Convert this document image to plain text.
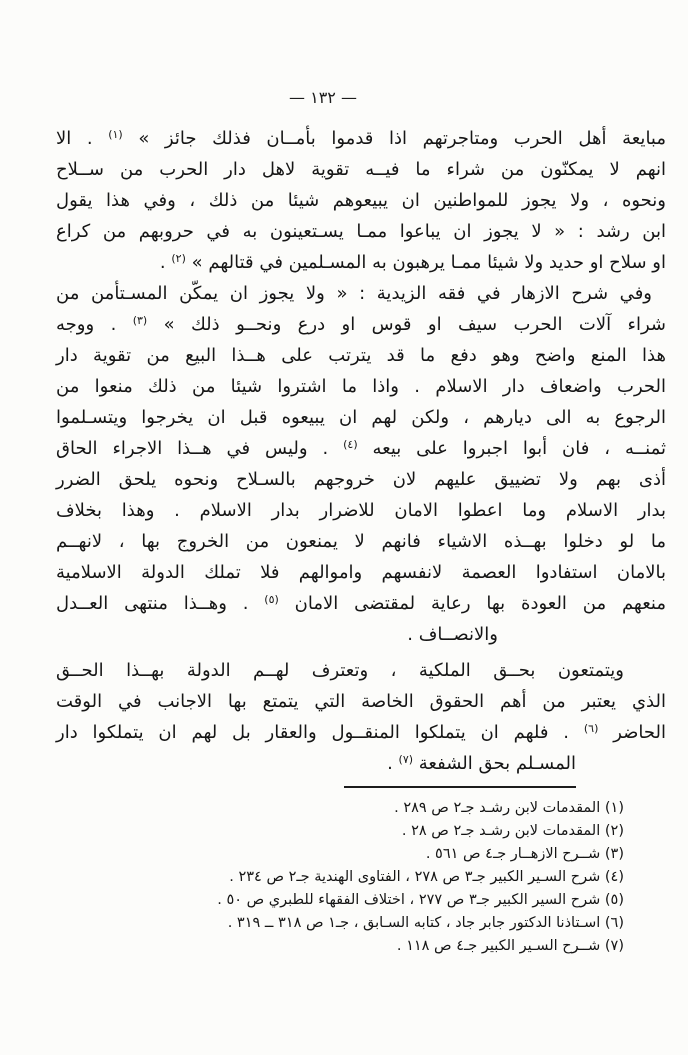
— ١٣٢ —
مبايعة أهل الحرب ومتاجرتهم اذا قدموا بأمــان فذلك جائز » $^{(١)}$ . الا
انهم لا يمكنّون من شراء ما فيــه تقوية لاهل دار الحرب من ســلاح
ونحوه ، ولا يجوز للمواطنين ان يبيعوهم شيئا من ذلك ، وفي هذا يقول
ابن رشد : « لا يجوز ان يباعوا ممـا يسـتعينون به في حروبهم من كراع
او سلاح او حديد ولا شيئا ممـا يرهبون به المسـلمين في قتالهم » $^{(٢)}$ .
وفي شرح الازهار في فقه الزيدية : « ولا يجوز ان يمكّن المسـتأمن من
شراء آلات الحرب سيف او قوس او درع ونحــو ذلك » $^{(٣)}$ . ووجه
هذا المنع واضح وهو دفع ما قد يترتب على هــذا البيع من تقوية دار
الحرب واضعاف دار الاسلام . واذا ما اشتروا شيئا من ذلك منعوا من
الرجوع به الى ديارهم ، ولكن لهم ان يبيعوه قبل ان يخرجوا ويتسـلموا
ثمنــه ، فان أبوا اجبروا على بيعه $^{(٤)}$ . وليس في هــذا الاجراء الحاق
أذى بهم ولا تضييق عليهم لان خروجهم بالسـلاح ونحوه يلحق الضرر
بدار الاسلام وما اعطوا الامان للاضرار بدار الاسلام . وهذا بخلاف
ما لو دخلوا بهــذه الاشياء فانهم لا يمنعون من الخروج بها ، لانهــم
بالامان استفادوا العصمة لانفسهم واموالهم فلا تملك الدولة الاسلامية
منعهم من العودة بها رعاية لمقتضى الامان $^{(٥)}$ . وهــذا منتهى العــدل
والانصــاف .
ويتمتعون بحــق الملكية ، وتعترف لهــم الدولة بهــذا الحــق
الذي يعتبر من أهم الحقوق الخاصة التي يتمتع بها الاجانب في الوقت
الحاضر $^{(٦)}$ . فلهم ان يتملكوا المنقــول والعقار بل لهم ان يتملكوا دار
المسـلم بحق الشفعة $^{(٧)}$ .
(١) المقدمات لابن رشـد جـ٢ ص ٢٨٩ .
(٢) المقدمات لابن رشـد جـ٢ ص ٢٨ .
(٣) شــرح الازهــار جـ٤ ص ٥٦١ .
(٤) شرح السـير الكبير جـ٣ ص ٢٧٨ ، الفتاوى الهندية جـ٢ ص ٢٣٤ .
(٥) شرح السير الكبير جـ٣ ص ٢٧٧ ، اختلاف الفقهاء للطبري ص ٥٠ .
(٦) اسـتاذنا الدكتور جابر جاد ، كتابه السـابق ، جـ١ ص ٣١٨ ــ ٣١٩ .
(٧) شــرح السـير الكبير جـ٤ ص ١١٨ .
